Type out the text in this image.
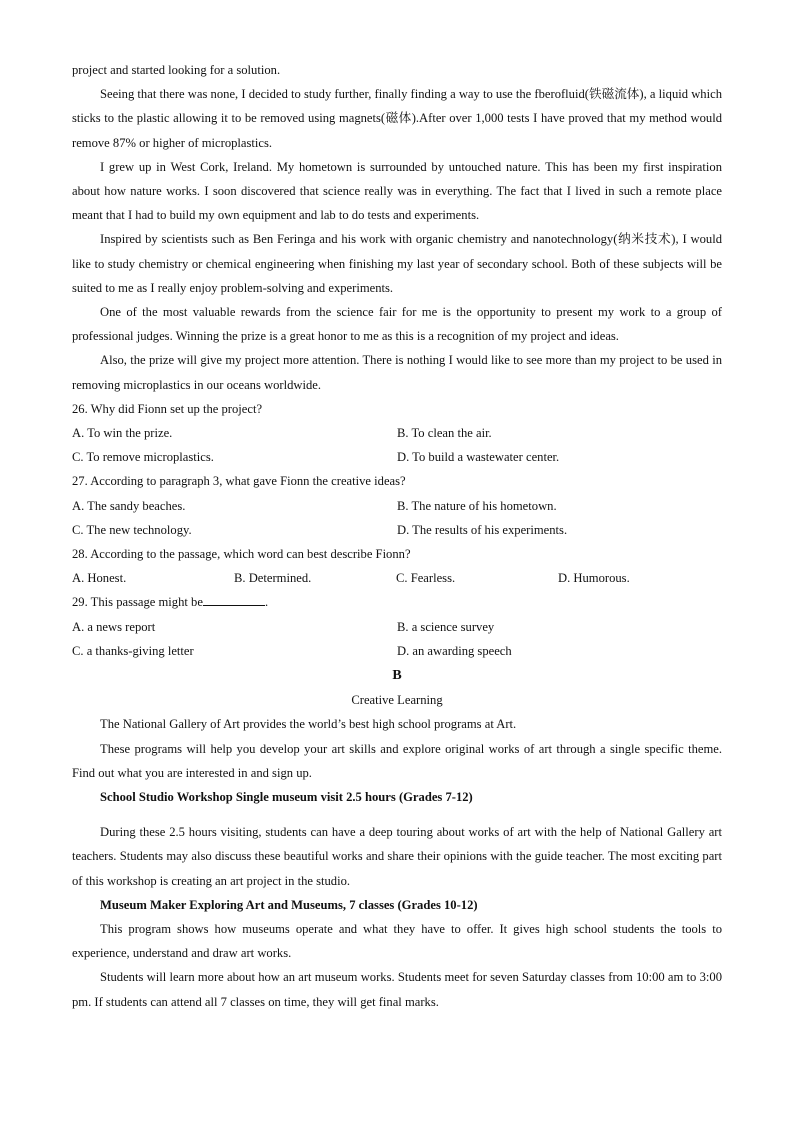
project and started looking for a solution.

Seeing that there was none, I decided to study further, finally finding a way to use the fberofluid(铁磁流体), a liquid which sticks to the plastic allowing it to be removed using magnets(磁体).After over 1,000 tests I have proved that my method would remove 87% or higher of microplastics.

I grew up in West Cork, Ireland. My hometown is surrounded by untouched nature. This has been my first inspiration about how nature works. I soon discovered that science really was in everything. The fact that I lived in such a remote place meant that I had to build my own equipment and lab to do tests and experiments.

Inspired by scientists such as Ben Feringa and his work with organic chemistry and nanotechnology(纳米技术), I would like to study chemistry or chemical engineering when finishing my last year of secondary school. Both of these subjects will be suited to me as I really enjoy problem-solving and experiments.

One of the most valuable rewards from the science fair for me is the opportunity to present my work to a group of professional judges. Winning the prize is a great honor to me as this is a recognition of my project and ideas.

Also, the prize will give my project more attention. There is nothing I would like to see more than my project to be used in removing microplastics in our oceans worldwide.

26. Why did Fionn set up the project?

A. To win the prize.	B. To clean the air.
C. To remove microplastics.	D. To build a wastewater center.

27. According to paragraph 3, what gave Fionn the creative ideas?

A. The sandy beaches.	B. The nature of his hometown.
C. The new technology.	D. The results of his experiments.

28. According to the passage, which word can best describe Fionn?

A. Honest.	B. Determined.	C. Fearless.	D. Humorous.

29. This passage might be	.

A. a news report	B. a science survey
C. a thanks-giving letter	D. an awarding speech

B

Creative Learning

The National Gallery of Art provides the world’s best high school programs at Art.

These programs will help you develop your art skills and explore original works of art through a single specific theme. Find out what you are interested in and sign up.

School Studio Workshop Single museum visit 2.5 hours (Grades 7-12)

During these 2.5 hours visiting, students can have a deep touring about works of art with the help of National Gallery art teachers. Students may also discuss these beautiful works and share their opinions with the guide teacher. The most exciting part of this workshop is creating an art project in the studio.

Museum Maker Exploring Art and Museums, 7 classes (Grades 10-12)

This program shows how museums operate and what they have to offer. It gives high school students the tools to experience, understand and draw art works.

Students will learn more about how an art museum works. Students meet for seven Saturday classes from 10:00 am to 3:00 pm. If students can attend all 7 classes on time, they will get final marks.
